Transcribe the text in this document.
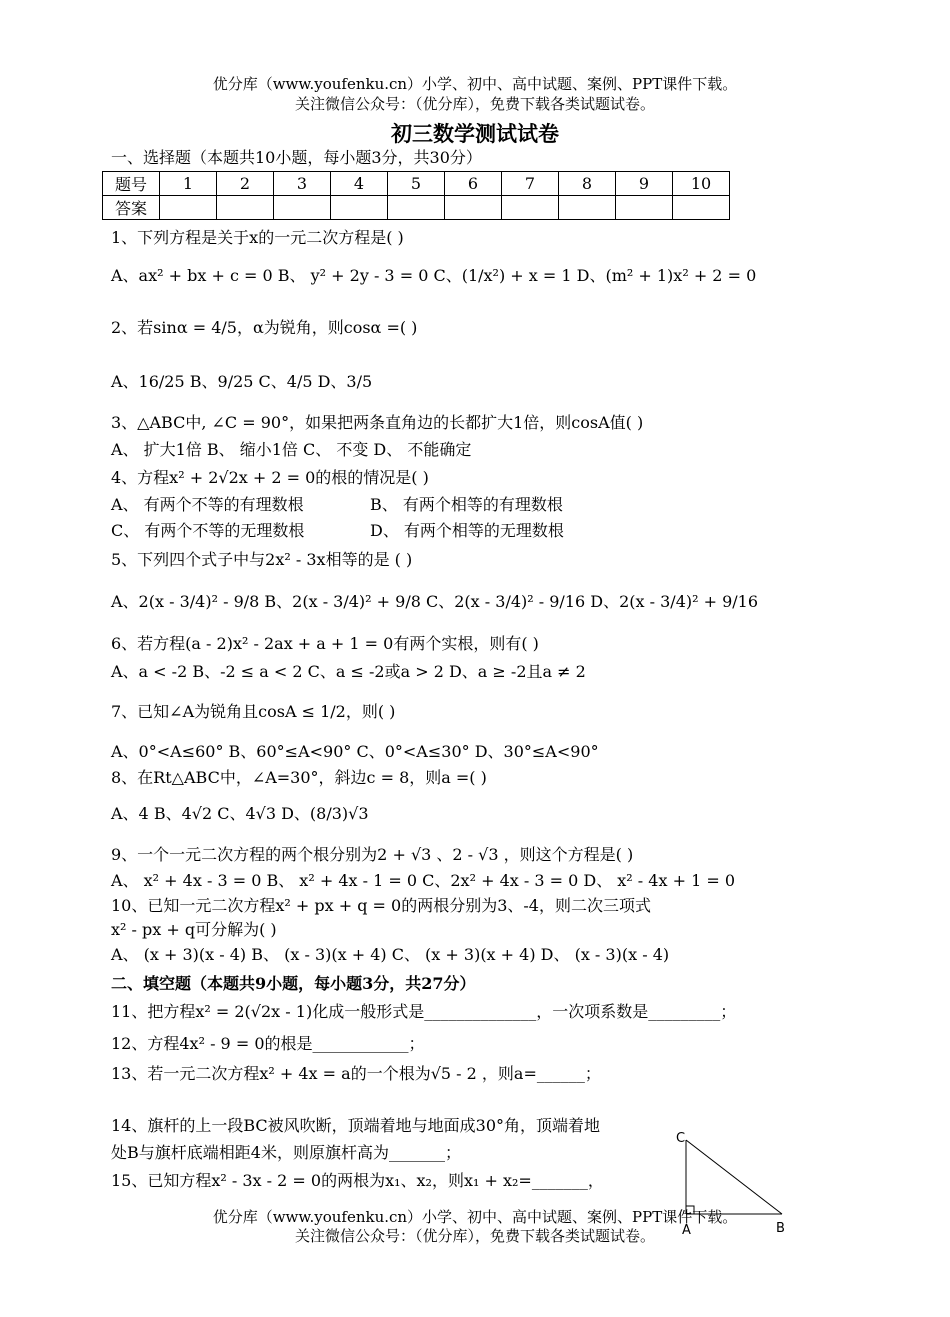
优分库（www.youfenku.cn）小学、初中、高中试题、案例、PPT课件下载。
关注微信公众号：（优分库），免费下载各类试题试卷。
初三数学测试试卷
一、选择题（本题共10小题，每小题3分，共30分）
题号	1	2	3	4	5	6	7	8	9	10
答案										
1、下列方程是关于x的一元二次方程是( )
A、ax² + bx + c = 0 B、 y² + 2y - 3 = 0 C、(1/x²) + x = 1 D、(m² + 1)x² + 2 = 0
2、若sinα = 4/5，α为锐角，则cosα =( )
A、16/25 B、9/25 C、4/5 D、3/5
3、△ABC中, ∠C = 90°，如果把两条直角边的长都扩大1倍，则cosA值( )
A、 扩大1倍 B、 缩小1倍 C、 不变 D、 不能确定
4、方程x² + 2√2x + 2 = 0的根的情况是( )
A、 有两个不等的有理数根	B、 有两个相等的有理数根
C、 有两个不等的无理数根	D、 有两个相等的无理数根
5、下列四个式子中与2x² - 3x相等的是 ( )
A、2(x - 3/4)² - 9/8 B、2(x - 3/4)² + 9/8 C、2(x - 3/4)² - 9/16 D、2(x - 3/4)² + 9/16
6、若方程(a - 2)x² - 2ax + a + 1 = 0有两个实根，则有( )
A、a < -2 B、-2 ≤ a < 2 C、a ≤ -2或a > 2 D、a ≥ -2且a ≠ 2
7、已知∠A为锐角且cosA ≤ 1/2，则( )
A、0°<A≤60° B、60°≤A<90° C、0°<A≤30° D、30°≤A<90°
8、在Rt△ABC中，∠A=30°，斜边c = 8，则a =( )
A、4 B、4√2 C、4√3 D、(8/3)√3
9、一个一元二次方程的两个根分别为2 + √3 、2 - √3 ，则这个方程是( )
A、 x² + 4x - 3 = 0 B、 x² + 4x - 1 = 0 C、2x² + 4x - 3 = 0 D、 x² - 4x + 1 = 0
10、已知一元二次方程x² + px + q = 0的两根分别为3、-4，则二次三项式
x² - px + q可分解为( )
A、 (x + 3)(x - 4) B、 (x - 3)(x + 4) C、 (x + 3)(x + 4) D、 (x - 3)(x - 4)
二、填空题（本题共9小题，每小题3分，共27分）
11、把方程x² = 2(√2x - 1)化成一般形式是______________，一次项系数是_________；
12、方程4x² - 9 = 0的根是____________；
13、若一元二次方程x² + 4x = a的一个根为√5 - 2 ，则a=______；
14、旗杆的上一段BC被风吹断，顶端着地与地面成30°角，顶端着地
处B与旗杆底端相距4米，则原旗杆高为_______；
15、已知方程x² - 3x - 2 = 0的两根为x₁、x₂，则x₁ + x₂=_______，
C
A	B
优分库（www.youfenku.cn）小学、初中、高中试题、案例、PPT课件下载。
关注微信公众号：（优分库），免费下载各类试题试卷。
